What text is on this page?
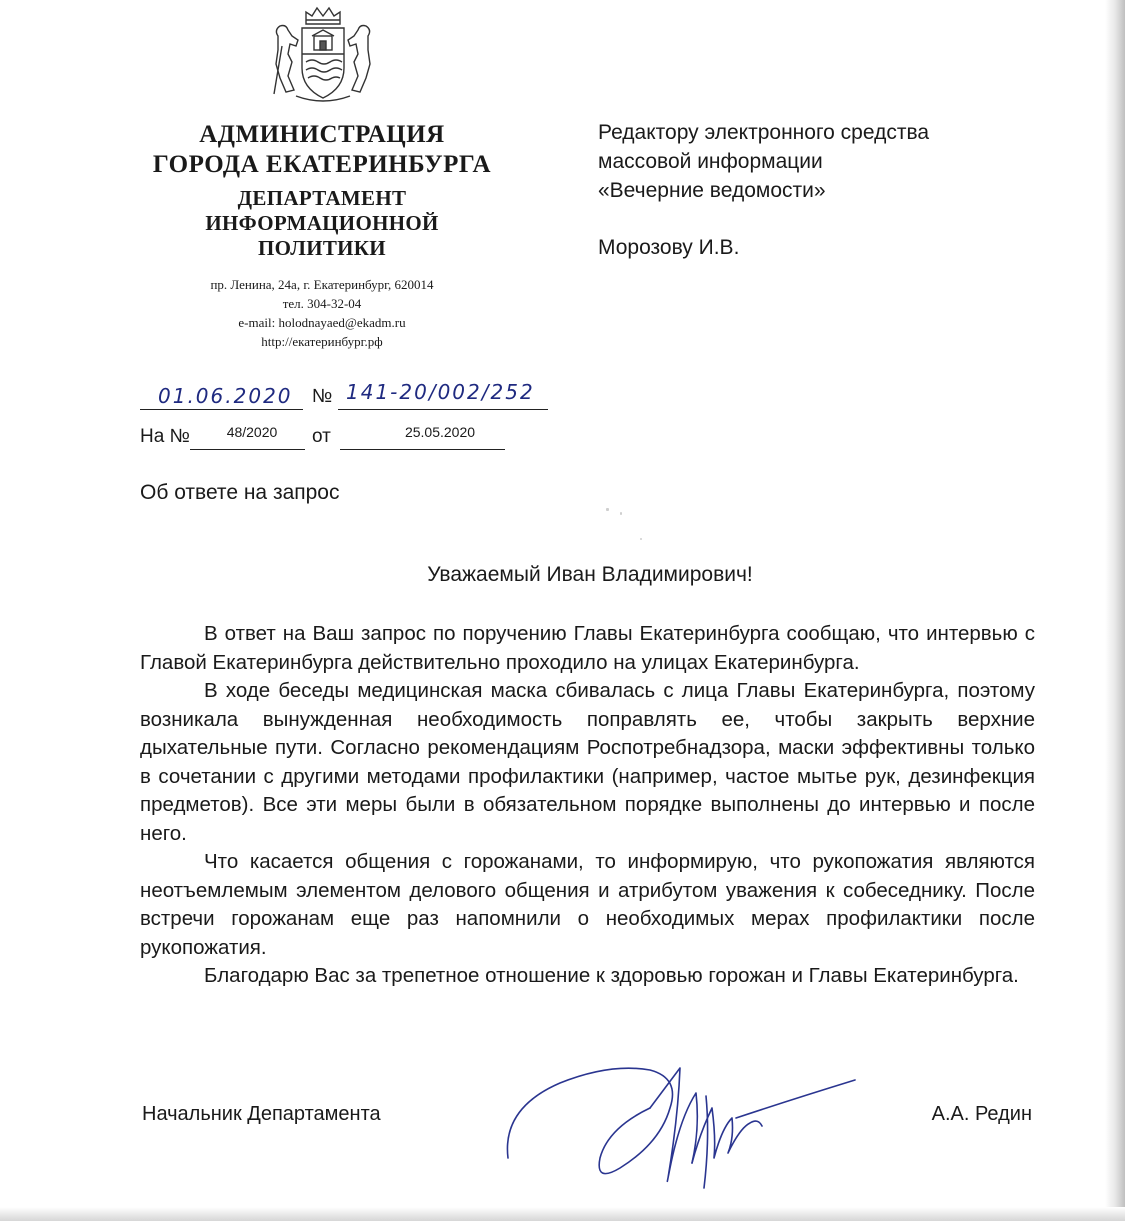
АДМИНИСТРАЦИЯ
ГОРОДА ЕКАТЕРИНБУРГА
ДЕПАРТАМЕНТ
ИНФОРМАЦИОННОЙ
ПОЛИТИКИ
пр. Ленина, 24а, г. Екатеринбург, 620014
тел. 304-32-04
e-mail: holodnayaed@ekadm.ru
http://екатеринбург.рф
Редактору электронного средства
массовой информации
«Вечерние ведомости»
Морозову И.В.
01.06.2020 № 141-20/002/252
На №	48/2020	от	25.05.2020
Об ответе на запрос
Уважаемый Иван Владимирович!

В ответ на Ваш запрос по поручению Главы Екатеринбурга сообщаю, что интервью с Главой Екатеринбурга действительно проходило на улицах Екатеринбурга.

В ходе беседы медицинская маска сбивалась с лица Главы Екатеринбурга, поэтому возникала вынужденная необходимость поправлять ее, чтобы закрыть верхние дыхательные пути. Согласно рекомендациям Роспотребнадзора, маски эффективны только в сочетании с другими методами профилактики (например, частое мытье рук, дезинфекция предметов). Все эти меры были в обязательном порядке выполнены до интервью и после него.

Что касается общения с горожанами, то информирую, что рукопожатия являются неотъемлемым элементом делового общения и атрибутом уважения к собеседнику. После встречи горожанам еще раз напомнили о необходимых мерах профилактики после рукопожатия.

Благодарю Вас за трепетное отношение к здоровью горожан и Главы Екатеринбурга.

Начальник Департамента	А.А. Редин
